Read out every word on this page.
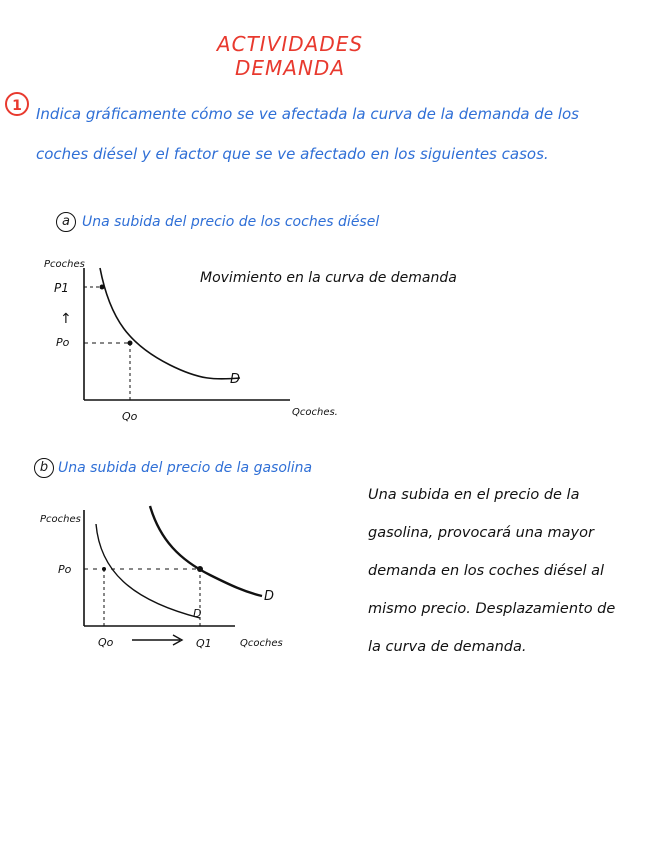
ACTIVIDADES DEMANDA
1 Indica gráficamente cómo se ve afectada la curva de la demanda de los coches diésel y el factor que se ve afectado en los siguientes casos.
a Una subida del precio de los coches diésel
Movimiento en la curva de demanda
Pcoches
P1
↑
Po
Qo
D
Qcoches.
b Una subida del precio de la gasolina
Una subida en el precio de la gasolina, provocará una mayor demanda en los coches diésel al mismo precio. Desplazamiento de la curva de demanda.
Pcoches
Po
Qo	Q1
D
D
Qcoches
